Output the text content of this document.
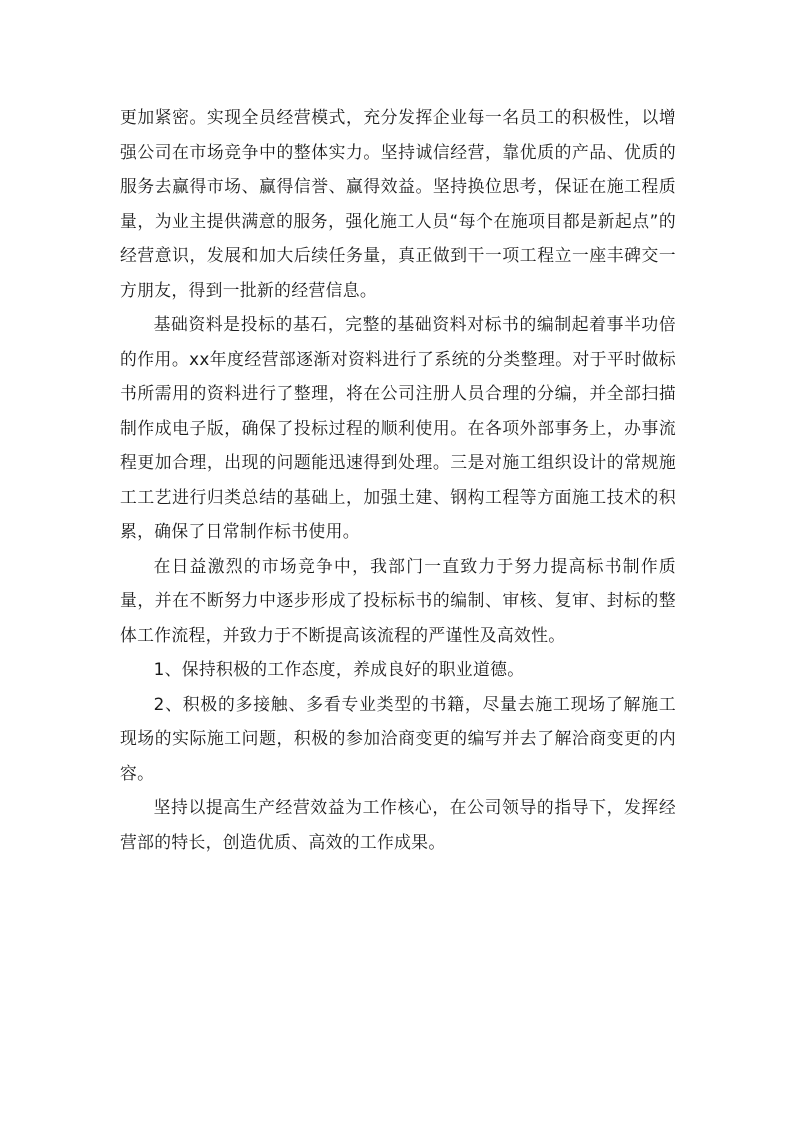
更加紧密。实现全员经营模式，充分发挥企业每一名员工的积极性，以增强公司在市场竞争中的整体实力。坚持诚信经营，靠优质的产品、优质的服务去赢得市场、赢得信誉、赢得效益。坚持换位思考，保证在施工程质量，为业主提供满意的服务，强化施工人员“每个在施项目都是新起点”的经营意识，发展和加大后续任务量，真正做到干一项工程立一座丰碑交一方朋友，得到一批新的经营信息。

基础资料是投标的基石，完整的基础资料对标书的编制起着事半功倍的作用。xx年度经营部逐渐对资料进行了系统的分类整理。对于平时做标书所需用的资料进行了整理，将在公司注册人员合理的分编，并全部扫描制作成电子版，确保了投标过程的顺利使用。在各项外部事务上，办事流程更加合理，出现的问题能迅速得到处理。三是对施工组织设计的常规施工工艺进行归类总结的基础上，加强土建、钢构工程等方面施工技术的积累，确保了日常制作标书使用。

在日益激烈的市场竞争中，我部门一直致力于努力提高标书制作质量，并在不断努力中逐步形成了投标标书的编制、审核、复审、封标的整体工作流程，并致力于不断提高该流程的严谨性及高效性。

1、保持积极的工作态度，养成良好的职业道德。

2、积极的多接触、多看专业类型的书籍，尽量去施工现场了解施工现场的实际施工问题，积极的参加洽商变更的编写并去了解洽商变更的内容。

坚持以提高生产经营效益为工作核心，在公司领导的指导下，发挥经营部的特长，创造优质、高效的工作成果。
